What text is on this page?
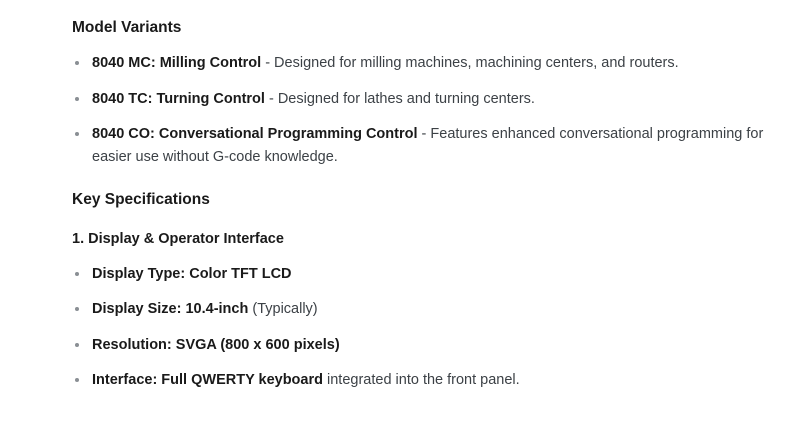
Model Variants
8040 MC: Milling Control - Designed for milling machines, machining centers, and routers.
8040 TC: Turning Control - Designed for lathes and turning centers.
8040 CO: Conversational Programming Control - Features enhanced conversational programming for easier use without G-code knowledge.
Key Specifications
1. Display & Operator Interface
Display Type: Color TFT LCD
Display Size: 10.4-inch (Typically)
Resolution: SVGA (800 x 600 pixels)
Interface: Full QWERTY keyboard integrated into the front panel.
